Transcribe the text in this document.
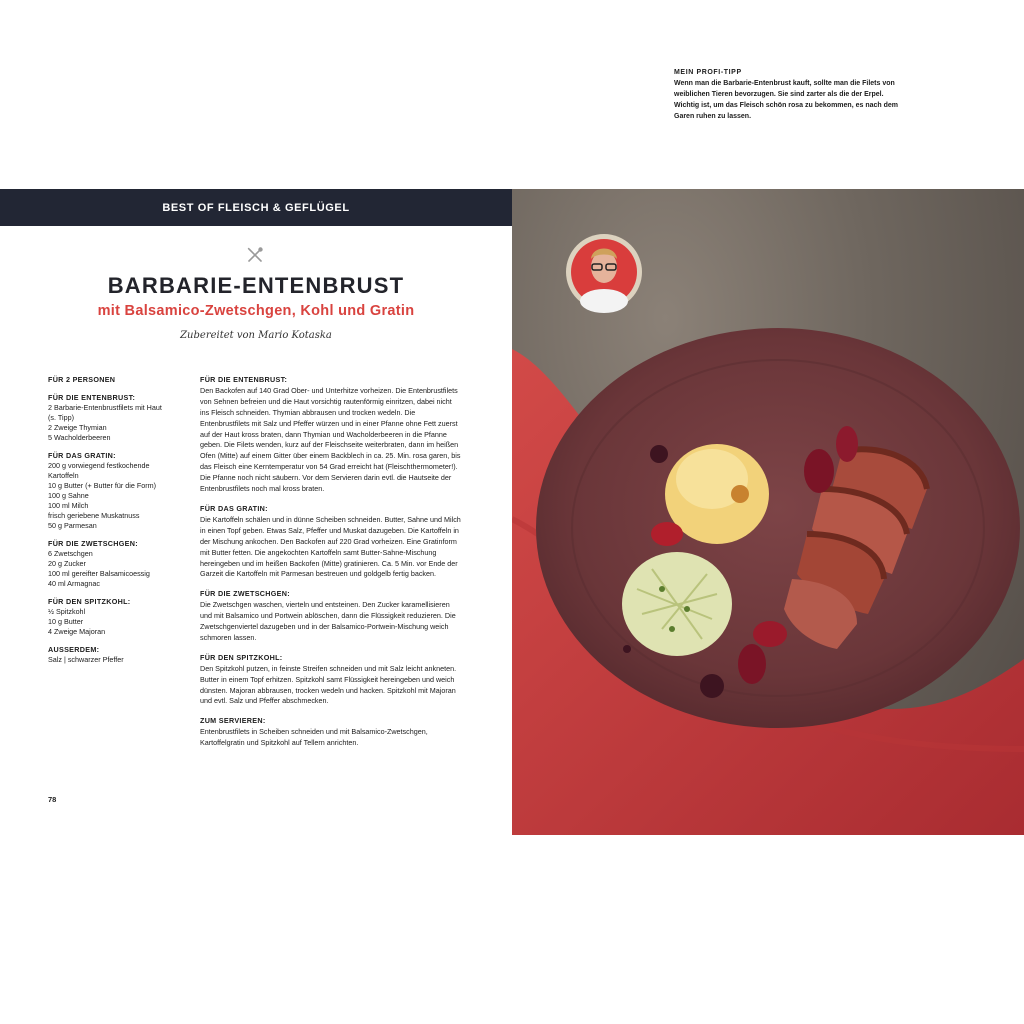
BEST OF FLEISCH & GEFLÜGEL
BARBARIE-ENTENBRUST
mit Balsamico-Zwetschgen, Kohl und Gratin
Zubereitet von Mario Kotaska
FÜR 2 PERSONEN
FÜR DIE ENTENBRUST:
2 Barbarie-Entenbrustfilets mit Haut
(s. Tipp)
2 Zweige Thymian
5 Wacholderbeeren
FÜR DAS GRATIN:
200 g vorwiegend festkochende
Kartoffeln
10 g Butter (+ Butter für die Form)
100 g Sahne
100 ml Milch
frisch geriebene Muskatnuss
50 g Parmesan
FÜR DIE ZWETSCHGEN:
6 Zwetschgen
20 g Zucker
100 ml gereifter Balsamicoessig
40 ml Armagnac
FÜR DEN SPITZKOHL:
½ Spitzkohl
10 g Butter
4 Zweige Majoran
AUSSERDEM:
Salz | schwarzer Pfeffer
FÜR DIE ENTENBRUST:
Den Backofen auf 140 Grad Ober- und Unterhitze vorheizen. Die Entenbrustfilets von Sehnen befreien und die Haut vorsichtig rautenförmig einritzen, dabei nicht ins Fleisch schneiden. Thymian abbrausen und trocken wedeln. Die Entenbrustfilets mit Salz und Pfeffer würzen und in einer Pfanne ohne Fett zuerst auf der Haut kross braten, dann Thymian und Wacholderbeeren in die Pfanne geben. Die Filets wenden, kurz auf der Fleischseite weiterbraten, dann im heißen Ofen (Mitte) auf einem Gitter über einem Backblech in ca. 25. Min. rosa garen, bis das Fleisch eine Kerntemperatur von 54 Grad erreicht hat (Fleischthermometer!). Die Pfanne noch nicht säubern. Vor dem Servieren darin evtl. die Hautseite der Entenbrustfilets noch mal kross braten.
FÜR DAS GRATIN:
Die Kartoffeln schälen und in dünne Scheiben schneiden. Butter, Sahne und Milch in einen Topf geben. Etwas Salz, Pfeffer und Muskat dazugeben. Die Kartoffeln in der Mischung ankochen. Den Backofen auf 220 Grad vorheizen. Eine Gratinform mit Butter fetten. Die angekochten Kartoffeln samt Butter-Sahne-Mischung hereingeben und im heißen Backofen (Mitte) gratinieren. Ca. 5 Min. vor Ende der Garzeit die Kartoffeln mit Parmesan bestreuen und goldgelb fertig backen.
FÜR DIE ZWETSCHGEN:
Die Zwetschgen waschen, vierteln und entsteinen. Den Zucker karamellisieren und mit Balsamico und Portwein ablöschen, dann die Flüssigkeit reduzieren. Die Zwetschgenviertel dazugeben und in der Balsamico-Portwein-Mischung weich schmoren lassen.
FÜR DEN SPITZKOHL:
Den Spitzkohl putzen, in feinste Streifen schneiden und mit Salz leicht ankneten. Butter in einem Topf erhitzen. Spitzkohl samt Flüssigkeit hereingeben und weich dünsten. Majoran abbrausen, trocken wedeln und hacken. Spitzkohl mit Majoran und evtl. Salz und Pfeffer abschmecken.
ZUM SERVIEREN:
Entenbrustfilets in Scheiben schneiden und mit Balsamico-Zwetschgen, Kartoffelgratin und Spitzkohl auf Tellern anrichten.
78
MEIN PROFI-TIPP
Wenn man die Barbarie-Entenbrust kauft, sollte man die Filets von weiblichen Tieren bevorzugen. Sie sind zarter als die der Erpel. Wichtig ist, um das Fleisch schön rosa zu bekommen, es nach dem Garen ruhen zu lassen.
